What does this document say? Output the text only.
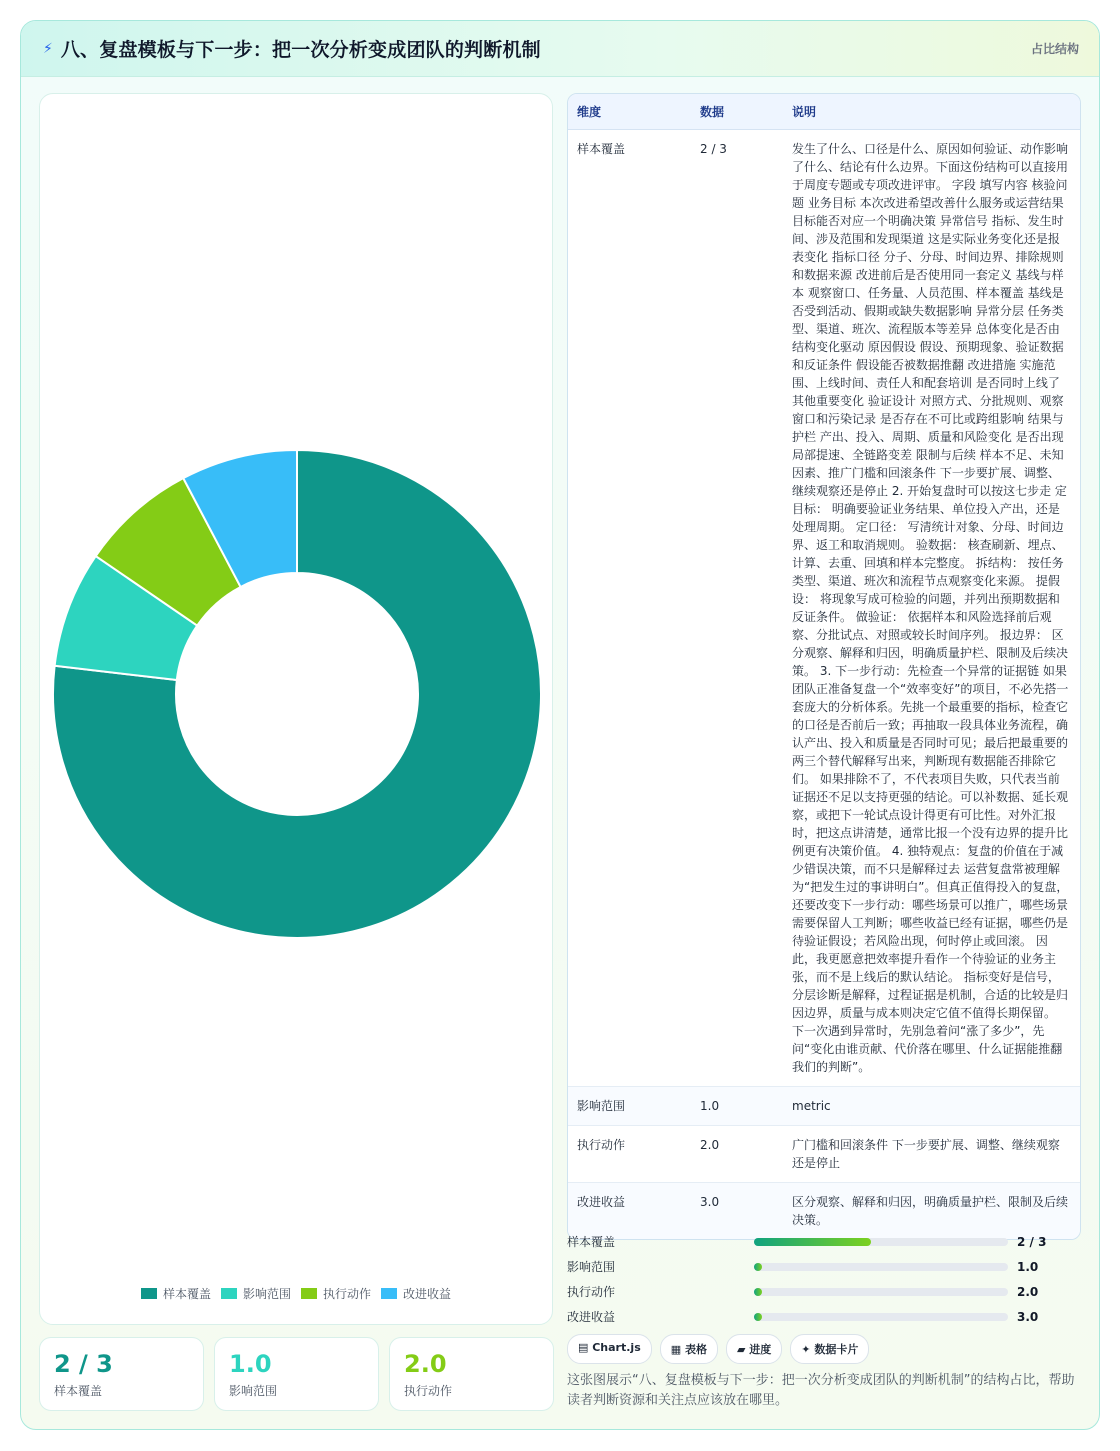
⚡ 八、复盘模板与下一步：把一次分析变成团队的判断机制	占比结构
样本覆盖	影响范围	执行动作	改进收益
2 / 3
样本覆盖
1.0
影响范围
2.0
执行动作
维度	数据	说明
样本覆盖	2 / 3	发生了什么、口径是什么、原因如何验证、动作影响了什么、结论有什么边界。下面这份结构可以直接用于周度专题或专项改进评审。 字段 填写内容 核验问题 业务目标 本次改进希望改善什么服务或运营结果 目标能否对应一个明确决策 异常信号 指标、发生时间、涉及范围和发现渠道 这是实际业务变化还是报表变化 指标口径 分子、分母、时间边界、排除规则和数据来源 改进前后是否使用同一套定义 基线与样本 观察窗口、任务量、人员范围、样本覆盖 基线是否受到活动、假期或缺失数据影响 异常分层 任务类型、渠道、班次、流程版本等差异 总体变化是否由结构变化驱动 原因假设 假设、预期现象、验证数据和反证条件 假设能否被数据推翻 改进措施 实施范围、上线时间、责任人和配套培训 是否同时上线了其他重要变化 验证设计 对照方式、分批规则、观察窗口和污染记录 是否存在不可比或跨组影响 结果与护栏 产出、投入、周期、质量和风险变化 是否出现局部提速、全链路变差 限制与后续 样本不足、未知因素、推广门槛和回滚条件 下一步要扩展、调整、继续观察还是停止 2. 开始复盘时可以按这七步走 定目标： 明确要验证业务结果、单位投入产出，还是处理周期。 定口径： 写清统计对象、分母、时间边界、返工和取消规则。 验数据： 核查刷新、埋点、计算、去重、回填和样本完整度。 拆结构： 按任务类型、渠道、班次和流程节点观察变化来源。 提假设： 将现象写成可检验的问题，并列出预期数据和反证条件。 做验证： 依据样本和风险选择前后观察、分批试点、对照或较长时间序列。 报边界： 区分观察、解释和归因，明确质量护栏、限制及后续决策。 3. 下一步行动：先检查一个异常的证据链 如果团队正准备复盘一个“效率变好”的项目，不必先搭一套庞大的分析体系。先挑一个最重要的指标，检查它的口径是否前后一致；再抽取一段具体业务流程，确认产出、投入和质量是否同时可见；最后把最重要的两三个替代解释写出来，判断现有数据能否排除它们。 如果排除不了，不代表项目失败，只代表当前证据还不足以支持更强的结论。可以补数据、延长观察，或把下一轮试点设计得更有可比性。对外汇报时，把这点讲清楚，通常比报一个没有边界的提升比例更有决策价值。 4. 独特观点：复盘的价值在于减少错误决策，而不只是解释过去 运营复盘常被理解为“把发生过的事讲明白”。但真正值得投入的复盘，还要改变下一步行动：哪些场景可以推广，哪些场景需要保留人工判断；哪些收益已经有证据，哪些仍是待验证假设；若风险出现，何时停止或回滚。 因此，我更愿意把效率提升看作一个待验证的业务主张，而不是上线后的默认结论。 指标变好是信号，分层诊断是解释，过程证据是机制，合适的比较是归因边界，质量与成本则决定它值不值得长期保留。 下一次遇到异常时，先别急着问“涨了多少”，先问“变化由谁贡献、代价落在哪里、什么证据能推翻我们的判断”。
影响范围	1.0	metric
执行动作	2.0	广门槛和回滚条件 下一步要扩展、调整、继续观察还是停止
改进收益	3.0	区分观察、解释和归因，明确质量护栏、限制及后续决策。
样本覆盖	2 / 3
影响范围	1.0
执行动作	2.0
改进收益	3.0
▤ Chart.js	▦ 表格	▰ 进度	✦ 数据卡片
这张图展示“八、复盘模板与下一步：把一次分析变成团队的判断机制”的结构占比，帮助读者判断资源和关注点应该放在哪里。
